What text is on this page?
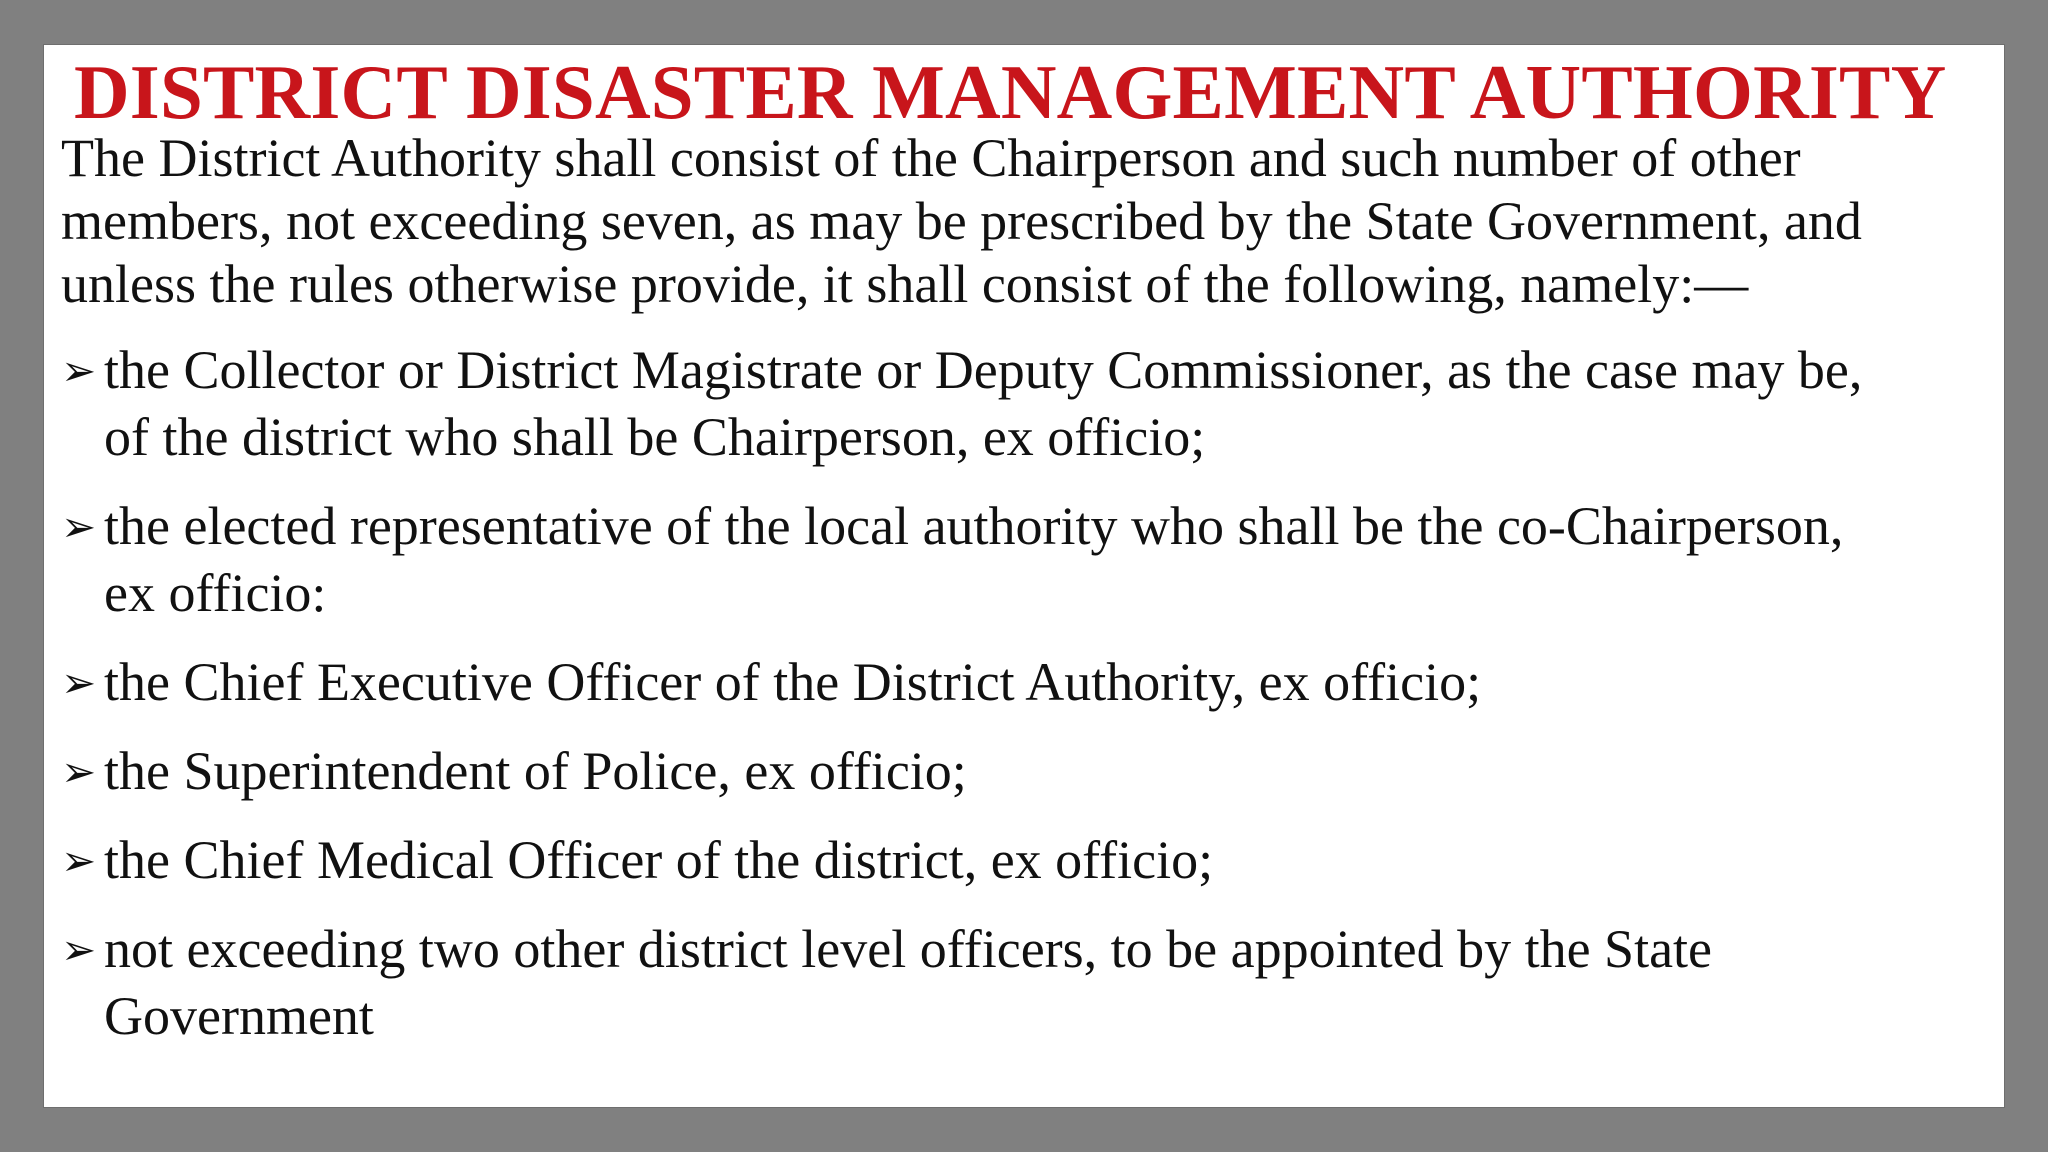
DISTRICT DISASTER MANAGEMENT AUTHORITY

The District Authority shall consist of the Chairperson and such number of other
members, not exceeding seven, as may be prescribed by the State Government, and
unless the rules otherwise provide, it shall consist of the following, namely:—

➢ the Collector or District Magistrate or Deputy Commissioner, as the case may be,
of the district who shall be Chairperson, ex officio;
➢ the elected representative of the local authority who shall be the co-Chairperson,
ex officio:
➢ the Chief Executive Officer of the District Authority, ex officio;
➢ the Superintendent of Police, ex officio;
➢ the Chief Medical Officer of the district, ex officio;
➢ not exceeding two other district level officers, to be appointed by the State
Government
